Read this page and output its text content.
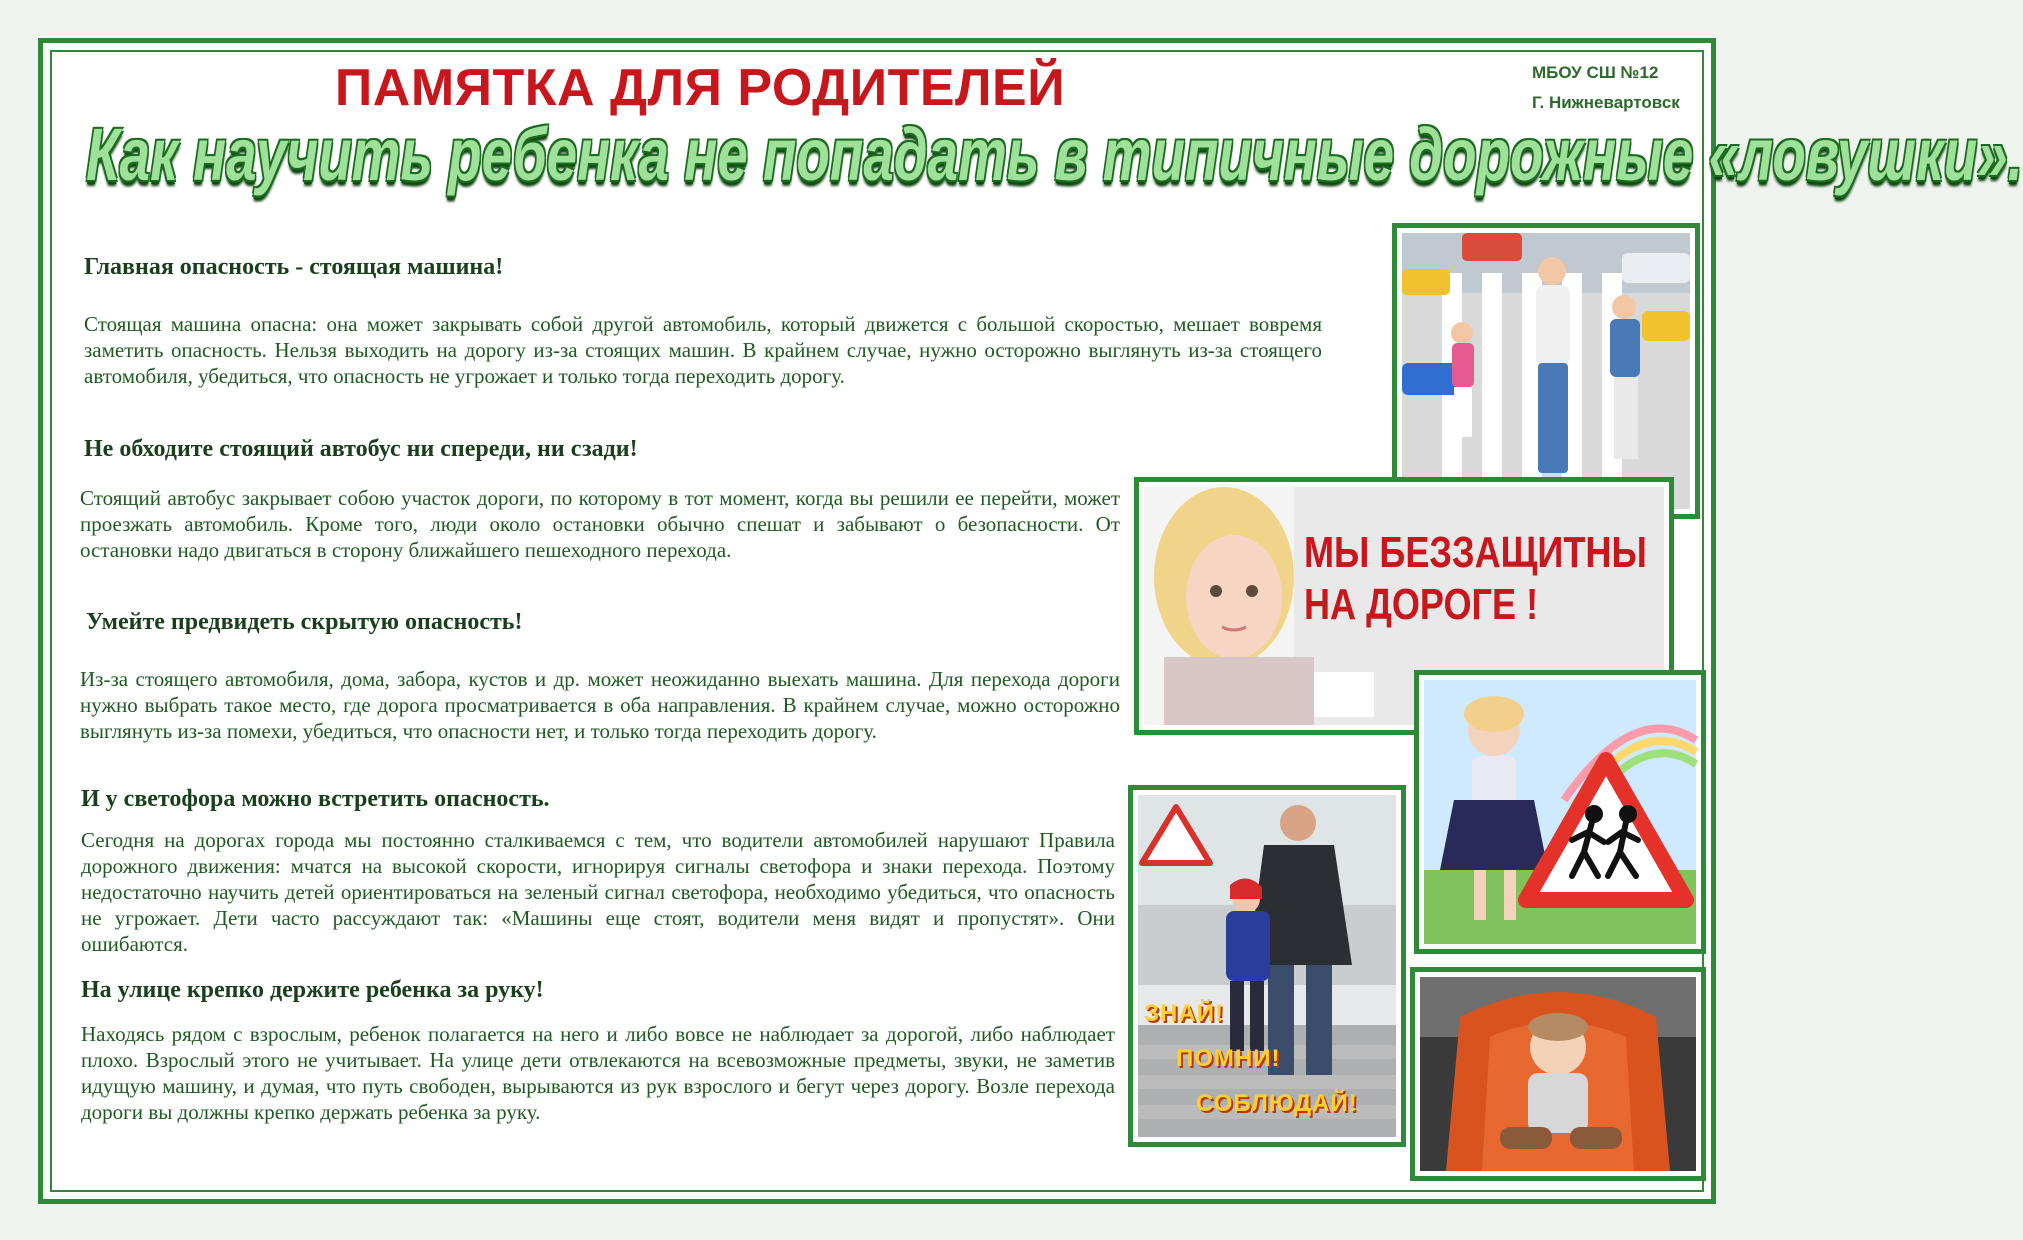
МБОУ СШ №12
Г. Нижневартовск
ПАМЯТКА ДЛЯ РОДИТЕЛЕЙ
Как научить ребенка не попадать в типичные дорожные «ловушки».
Главная опасность - стоящая машина!

Стоящая машина опасна: она может закрывать собой другой автомобиль, который движется с большой скоростью, мешает вовремя заметить опасность. Нельзя выходить на дорогу из-за стоящих машин. В крайнем случае, нужно осторожно выглянуть из-за стоящего автомобиля, убедиться, что опасность не угрожает и только тогда переходить дорогу.

Не обходите стоящий автобус ни спереди, ни сзади!

Стоящий автобус закрывает собою участок дороги, по которому в тот момент, когда вы решили ее перейти, может проезжать автомобиль. Кроме того, люди около остановки обычно спешат и забывают о безопасности. От остановки надо двигаться в сторону ближайшего пешеходного перехода.

Умейте предвидеть скрытую опасность!

Из-за стоящего автомобиля, дома, забора, кустов и др. может неожиданно выехать машина. Для перехода дороги нужно выбрать такое место, где дорога просматривается в оба направления. В крайнем случае, можно осторожно выглянуть из-за помехи, убедиться, что опасности нет, и только тогда переходить дорогу.

И у светофора можно встретить опасность.

Сегодня на дорогах города мы постоянно сталкиваемся с тем, что водители автомобилей нарушают Правила дорожного движения: мчатся на высокой скорости, игнорируя сигналы светофора и знаки перехода. Поэтому недостаточно научить детей ориентироваться на зеленый сигнал светофора, необходимо убедиться, что опасность не угрожает. Дети часто рассуждают так: «Машины еще стоят, водители меня видят и пропустят». Они ошибаются.

На улице крепко держите ребенка за руку!

Находясь рядом с взрослым, ребенок полагается на него и либо вовсе не наблюдает за дорогой, либо наблюдает плохо. Взрослый этого не учитывает. На улице дети отвлекаются на всевозможные предметы, звуки, не заметив идущую машину, и думая, что путь свободен, вырываются из рук взрослого и бегут через дорогу. Возле перехода дороги вы должны крепко держать ребенка за руку.

МЫ БЕЗЗАЩИТНЫ
НА ДОРОГЕ !
ЗНАЙ!
ПОМНИ!
СОБЛЮДАЙ!
